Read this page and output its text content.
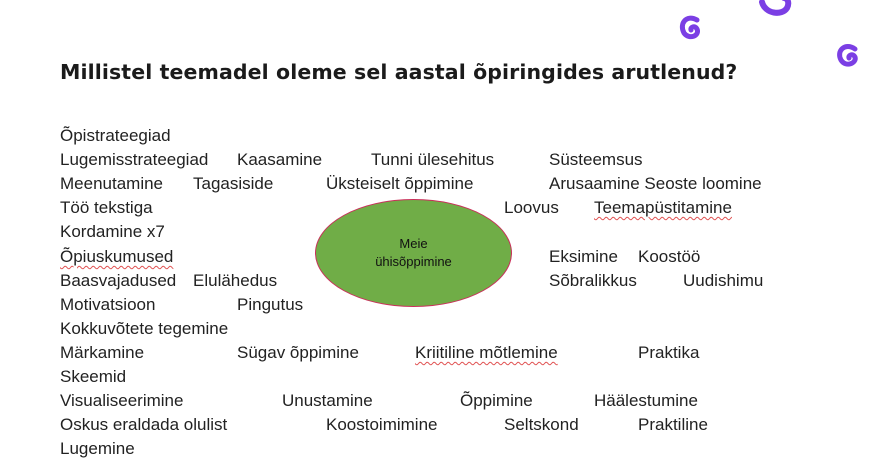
Millistel teemadel oleme sel aastal õpiringides arutlenud?
Meie
ühisõppimine
Õpistrateegiad
Lugemisstrateegiad Kaasamine	Tunni ülesehitus	Süsteemsus
Meenutamine Tagasiside	Üksteiselt õppimine	Arusaamine Seoste loomine
Töö tekstiga	Loovus Teemapüstitamine
Kordamine x7
Õpiuskumused	Eksimine Koostöö
Baasvajadused Elulähedus	Sõbralikkus	Uudishimu
Motivatsioon	Pingutus
Kokkuvõtete tegemine
Märkamine	Sügav õppimine	Kriitiline mõtlemine	Praktika
Skeemid
Visualiseerimine	Unustamine	Õppimine	Häälestumine
Oskus eraldada olulist	Koostoimimine	Seltskond	Praktiline
Lugemine
